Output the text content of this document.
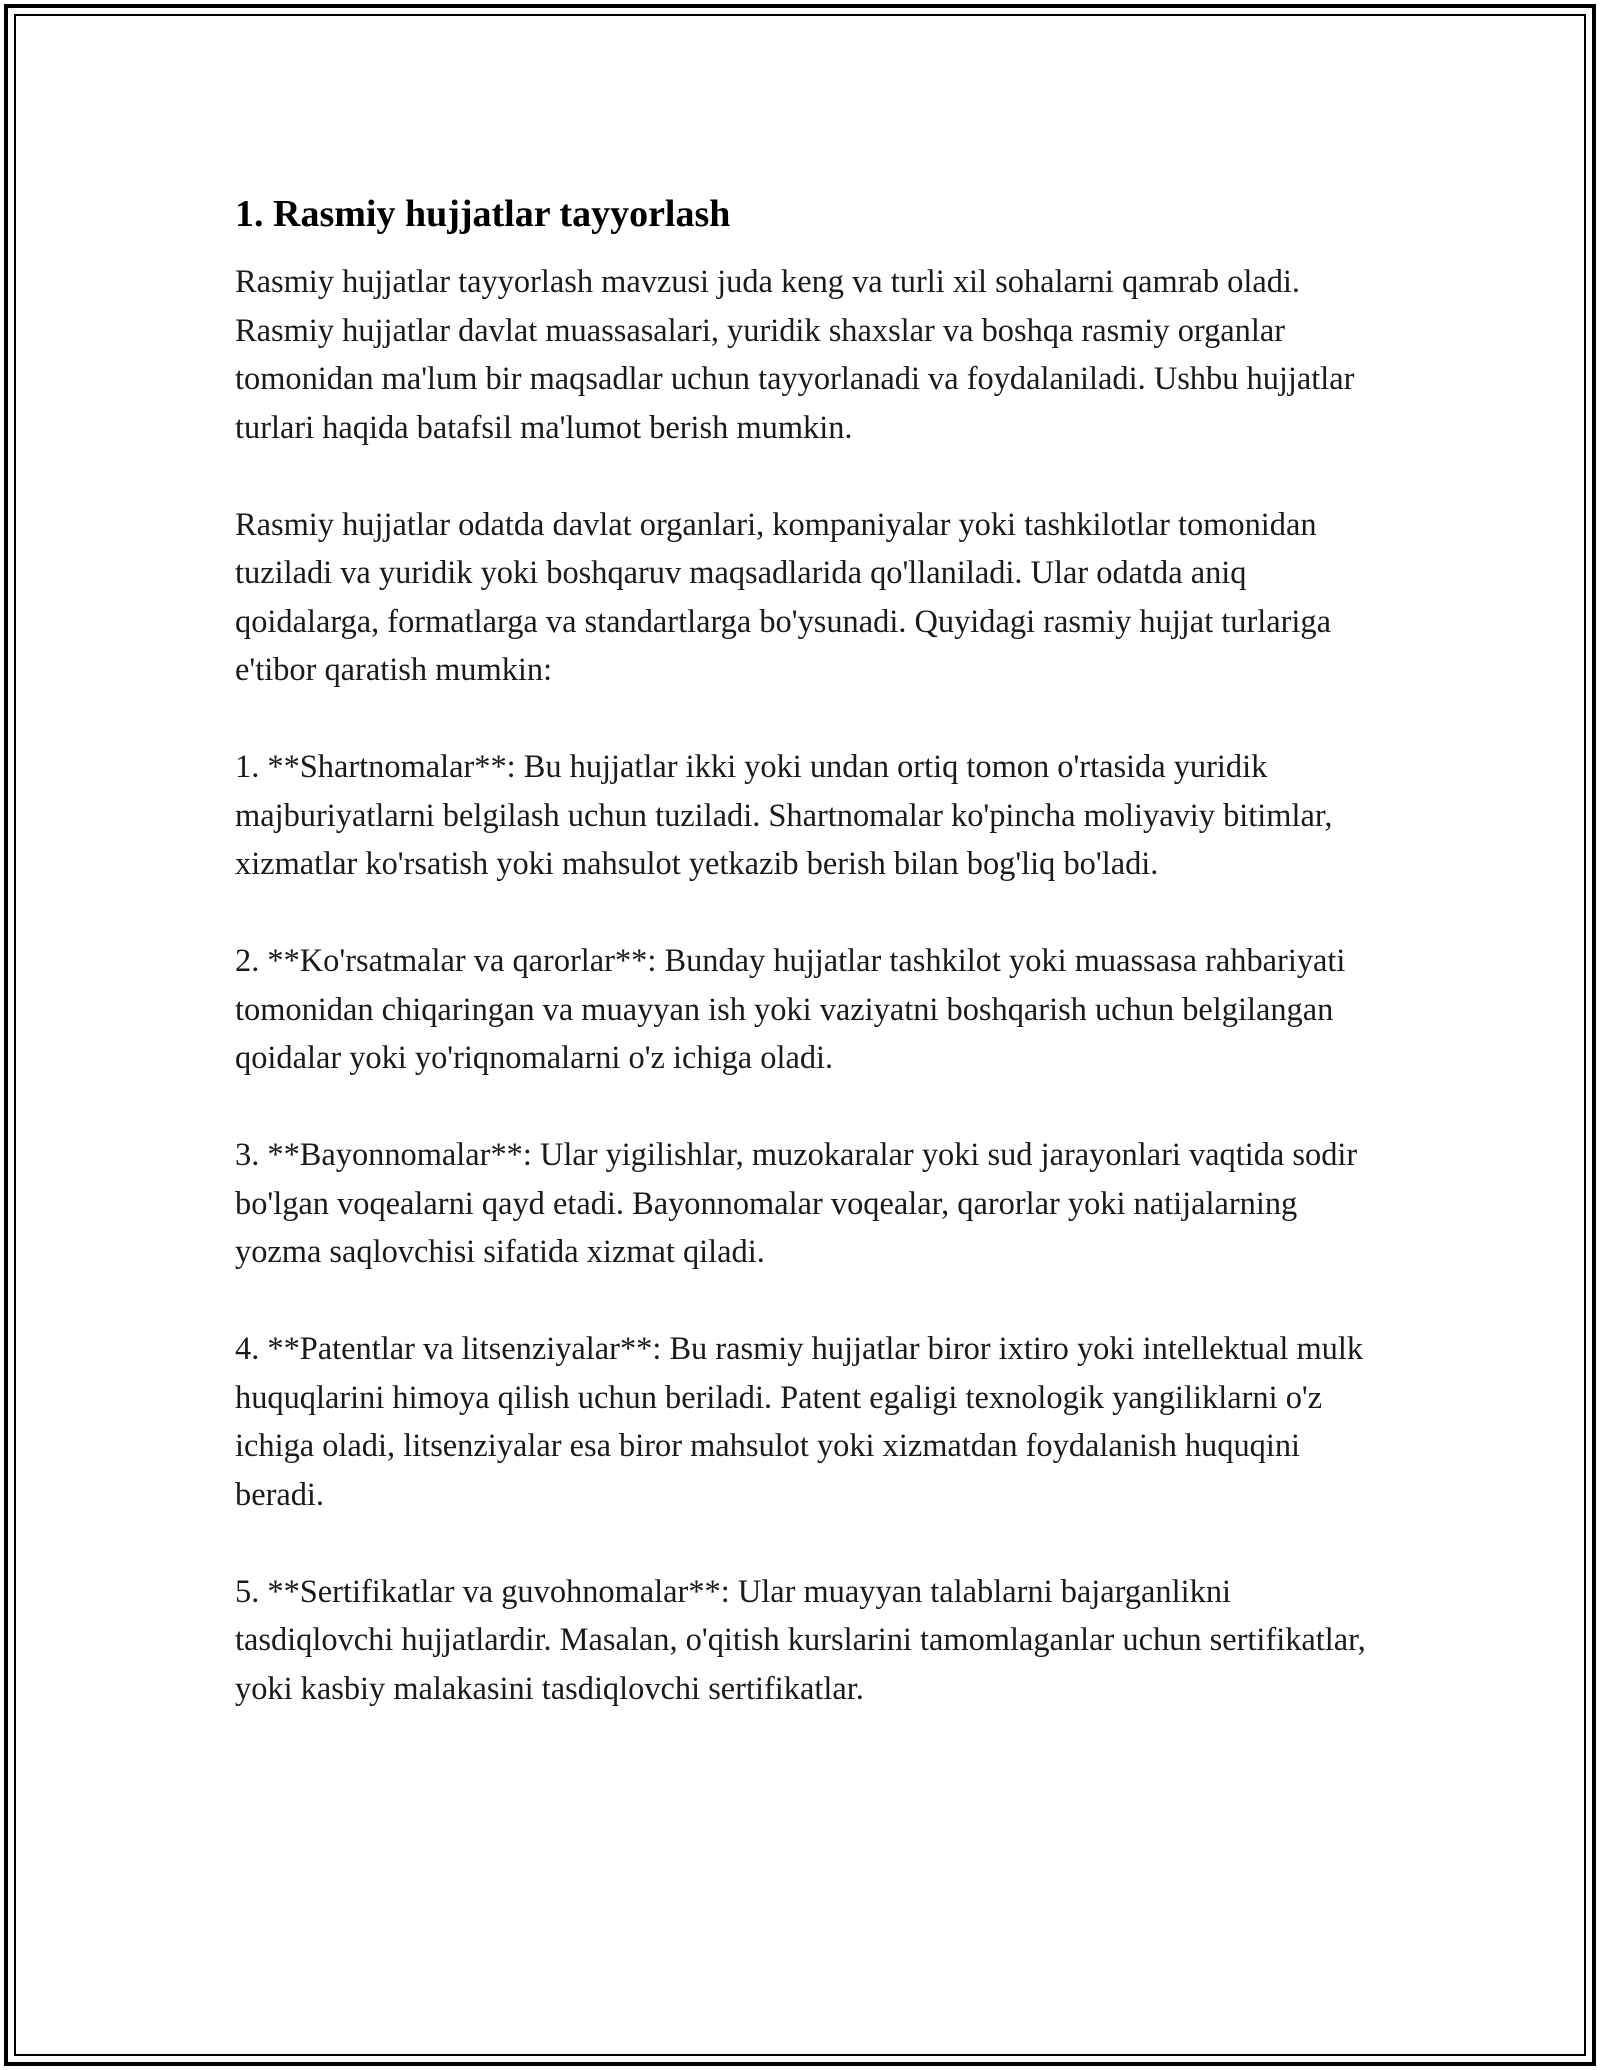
1. Rasmiy hujjatlar tayyorlash

Rasmiy hujjatlar tayyorlash mavzusi juda keng va turli xil sohalarni qamrab oladi. Rasmiy hujjatlar davlat muassasalari, yuridik shaxslar va boshqa rasmiy organlar tomonidan ma'lum bir maqsadlar uchun tayyorlanadi va foydalaniladi. Ushbu hujjatlar turlari haqida batafsil ma'lumot berish mumkin.

Rasmiy hujjatlar odatda davlat organlari, kompaniyalar yoki tashkilotlar tomonidan tuziladi va yuridik yoki boshqaruv maqsadlarida qo'llaniladi. Ular odatda aniq qoidalarga, formatlarga va standartlarga bo'ysunadi. Quyidagi rasmiy hujjat turlariga e'tibor qaratish mumkin:

1. **Shartnomalar**: Bu hujjatlar ikki yoki undan ortiq tomon o'rtasida yuridik majburiyatlarni belgilash uchun tuziladi. Shartnomalar ko'pincha moliyaviy bitimlar, xizmatlar ko'rsatish yoki mahsulot yetkazib berish bilan bog'liq bo'ladi.

2. **Ko'rsatmalar va qarorlar**: Bunday hujjatlar tashkilot yoki muassasa rahbariyati tomonidan chiqaringan va muayyan ish yoki vaziyatni boshqarish uchun belgilangan qoidalar yoki yo'riqnomalarni o'z ichiga oladi.

3. **Bayonnomalar**: Ular yigilishlar, muzokaralar yoki sud jarayonlari vaqtida sodir bo'lgan voqealarni qayd etadi. Bayonnomalar voqealar, qarorlar yoki natijalarning yozma saqlovchisi sifatida xizmat qiladi.

4. **Patentlar va litsenziyalar**: Bu rasmiy hujjatlar biror ixtiro yoki intellektual mulk huquqlarini himoya qilish uchun beriladi. Patent egaligi texnologik yangiliklarni o'z ichiga oladi, litsenziyalar esa biror mahsulot yoki xizmatdan foydalanish huquqini beradi.

5. **Sertifikatlar va guvohnomalar**: Ular muayyan talablarni bajarganlikni tasdiqlovchi hujjatlardir. Masalan, o'qitish kurslarini tamomlaganlar uchun sertifikatlar, yoki kasbiy malakasini tasdiqlovchi sertifikatlar.
